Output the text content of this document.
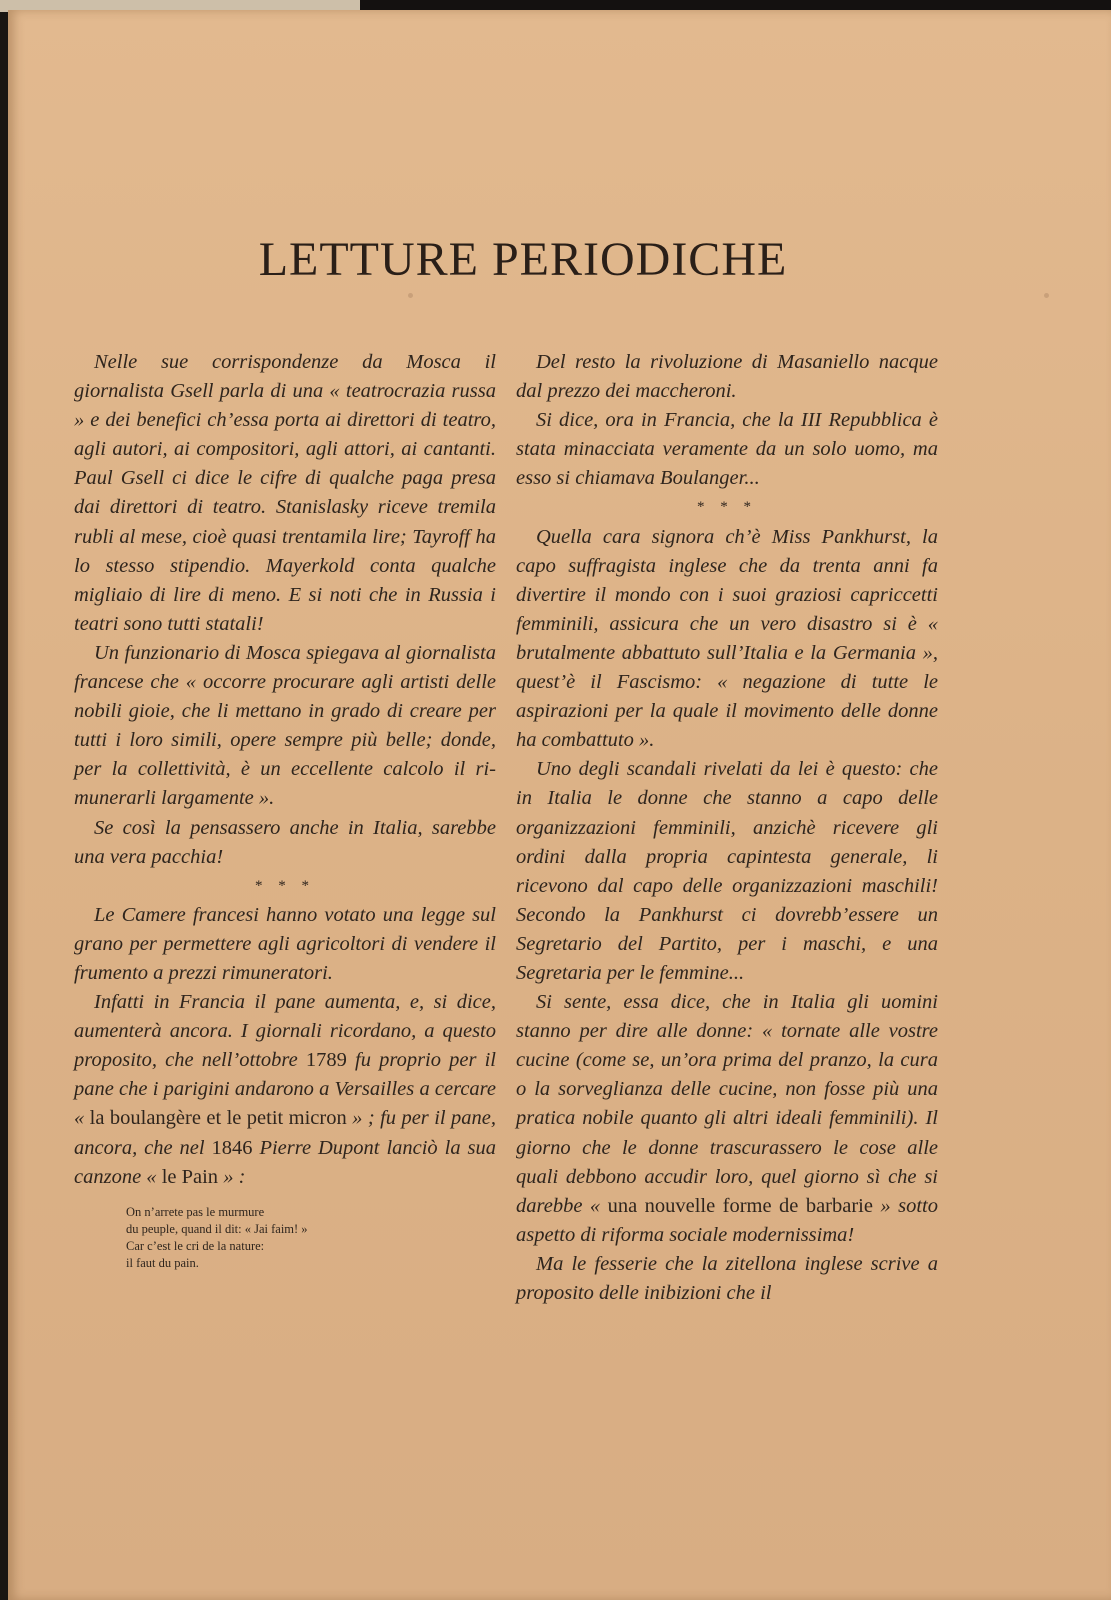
LETTURE PERIODICHE

Nelle sue corrispondenze da Mosca il giornalista Gsell parla di una « teatrocrazia russa » e dei benefici ch’essa porta ai direttori di teatro, agli autori, ai compositori, agli attori, ai cantanti. Paul Gsell ci dice le cifre di qualche paga presa dai direttori di teatro. Stanislasky riceve tremila rubli al mese, cioè quasi trentamila lire; Tayroff ha lo stesso stipendio. Mayerkold conta qualche migliaio di lire di meno. E si noti che in Russia i teatri sono tutti statali!

Un funzionario di Mosca spiegava al giornalista francese che « occorre procurare agli artisti delle nobili gioie, che li mettano in grado di creare per tutti i loro simili, opere sempre più belle; donde, per la collettività, è un eccellente calcolo il rimunerarli largamente ».

Se così la pensassero anche in Italia, sarebbe una vera pacchia!

* * *

Le Camere francesi hanno votato una legge sul grano per permettere agli agricoltori di vendere il frumento a prezzi rimuneratori.

Infatti in Francia il pane aumenta, e, si dice, aumenterà ancora. I giornali ricordano, a questo proposito, che nell’ottobre 1789 fu proprio per il pane che i parigini andarono a Versailles a cercare « la boulangère et le petit micron » ; fu per il pane, ancora, che nel 1846 Pierre Dupont lanciò la sua canzone « le Pain » :

On n’arrete pas le murmure
du peuple, quand il dit: « Jai faim! »
Car c’est le cri de la nature:
il faut du pain.

Del resto la rivoluzione di Masaniello nacque dal prezzo dei maccheroni.

Si dice, ora in Francia, che la III Repubblica è stata minacciata veramente da un solo uomo, ma esso si chiamava Boulanger...

* * *

Quella cara signora ch’è Miss Pankhurst, la capo suffragista inglese che da trenta anni fa divertire il mondo con i suoi graziosi capriccetti femminili, assicura che un vero disastro si è « brutalmente abbattuto sull’Italia e la Germania », quest’è il Fascismo: « negazione di tutte le aspirazioni per la quale il movimento delle donne ha combattuto ».

Uno degli scandali rivelati da lei è questo: che in Italia le donne che stanno a capo delle organizzazioni femminili, anzichè ricevere gli ordini dalla propria capintesta generale, li ricevono dal capo delle organizzazioni maschili! Secondo la Pankhurst ci dovrebb’essere un Segretario del Partito, per i maschi, e una Segretaria per le femmine...

Si sente, essa dice, che in Italia gli uomini stanno per dire alle donne: « tornate alle vostre cucine (come se, un’ora prima del pranzo, la cura o la sorveglianza delle cucine, non fosse più una pratica nobile quanto gli altri ideali femminili). Il giorno che le donne trascurassero le cose alle quali debbono accudir loro, quel giorno sì che si darebbe « una nouvelle forme de barbarie » sotto aspetto di riforma sociale modernissima!

Ma le fesserie che la zitellona inglese scrive a proposito delle inibizioni che il
